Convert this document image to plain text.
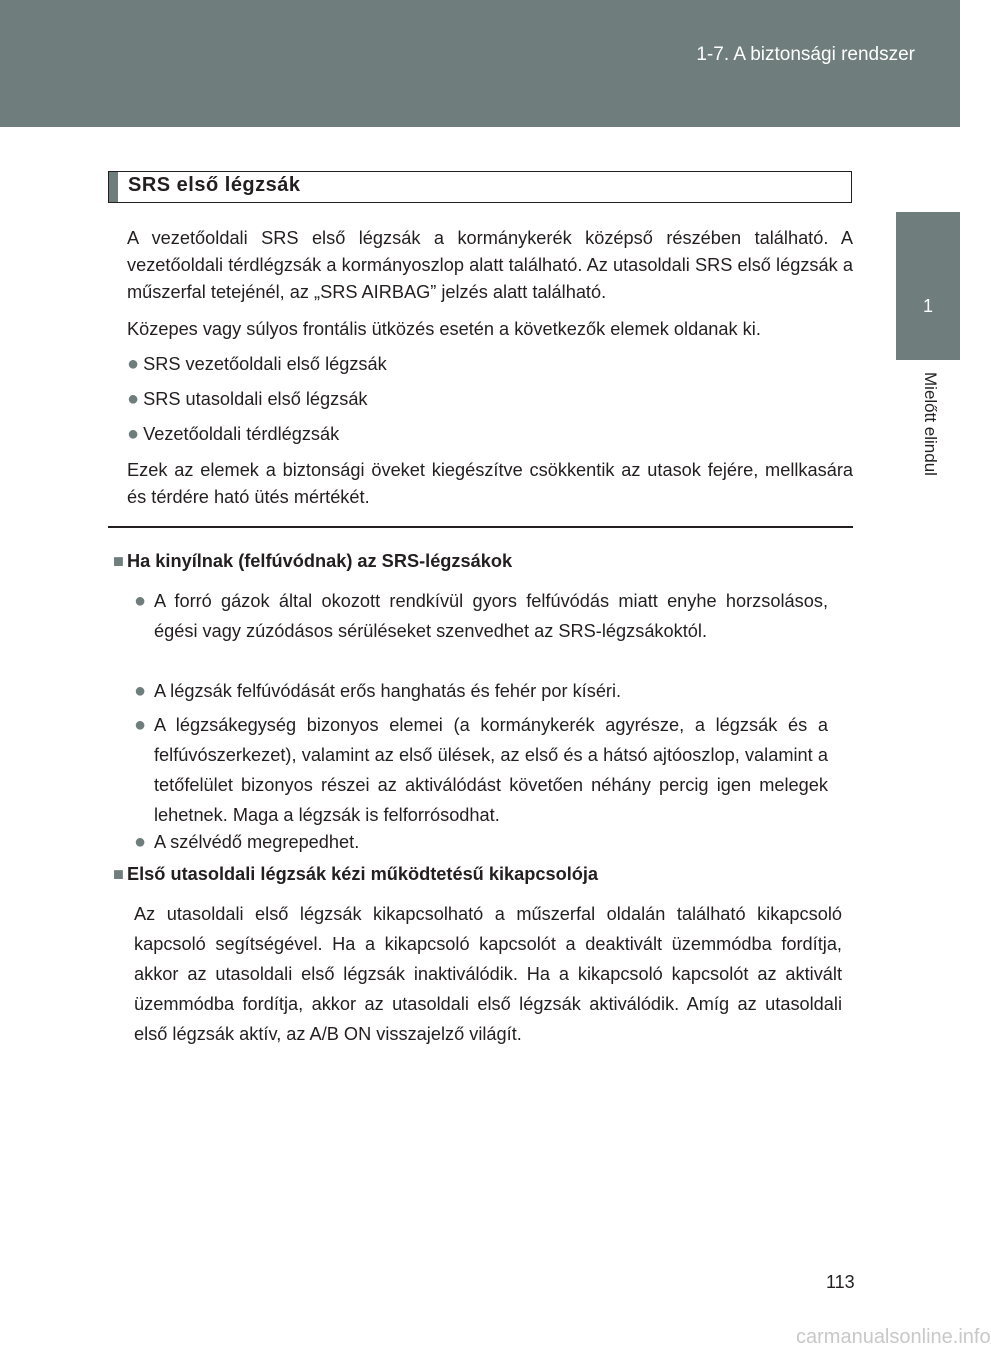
1-7. A biztonsági rendszer
1
Mielőtt elindul
SRS első légzsák
A vezetőoldali SRS első légzsák a kormánykerék középső részében található. A vezetőoldali térdlégzsák a kormányoszlop alatt található. Az utasoldali SRS első légzsák a műszerfal tetejénél, az „SRS AIRBAG” jelzés alatt található.
Közepes vagy súlyos frontális ütközés esetén a következők elemek oldanak ki.
● SRS vezetőoldali első légzsák
● SRS utasoldali első légzsák
● Vezetőoldali térdlégzsák
Ezek az elemek a biztonsági öveket kiegészítve csökkentik az utasok fejére, mellkasára és térdére ható ütés mértékét.
■ Ha kinyílnak (felfúvódnak) az SRS-légzsákok
● A forró gázok által okozott rendkívül gyors felfúvódás miatt enyhe horzsolásos, égési vagy zúzódásos sérüléseket szenvedhet az SRS-légzsákoktól.
● A légzsák felfúvódását erős hanghatás és fehér por kíséri.
● A légzsákegység bizonyos elemei (a kormánykerék agyrésze, a légzsák és a felfúvószerkezet), valamint az első ülések, az első és a hátsó ajtóoszlop, valamint a tetőfelület bizonyos részei az aktiválódást követően néhány percig igen melegek lehetnek. Maga a légzsák is felforrósodhat.
● A szélvédő megrepedhet.
■ Első utasoldali légzsák kézi működtetésű kikapcsolója
Az utasoldali első légzsák kikapcsolható a műszerfal oldalán található kikapcsoló kapcsoló segítségével. Ha a kikapcsoló kapcsolót a deaktivált üzemmódba fordítja, akkor az utasoldali első légzsák inaktiválódik. Ha a kikapcsoló kapcsolót az aktivált üzemmódba fordítja, akkor az utasoldali első légzsák aktiválódik. Amíg az utasoldali első légzsák aktív, az A/B ON visszajelző világít.
113
carmanualsonline.info
